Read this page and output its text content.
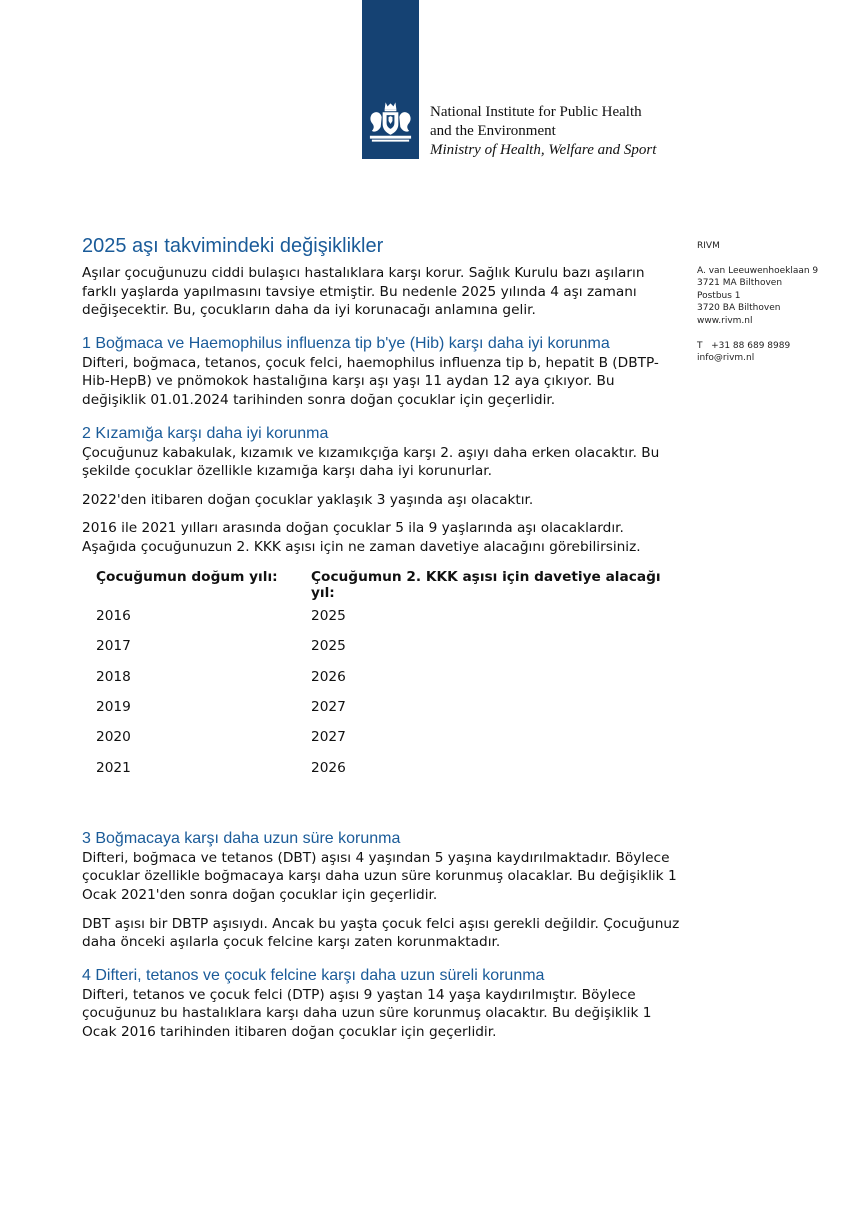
National Institute for Public Health
and the Environment
Ministry of Health, Welfare and Sport
RIVM
A. van Leeuwenhoeklaan 9
3721 MA Bilthoven
Postbus 1
3720 BA Bilthoven
www.rivm.nl
T   +31 88 689 8989
info@rivm.nl
2025 aşı takvimindeki değişiklikler

Aşılar çocuğunuzu ciddi bulaşıcı hastalıklara karşı korur. Sağlık Kurulu bazı aşıların farklı yaşlarda yapılmasını tavsiye etmiştir. Bu nedenle 2025 yılında 4 aşı zamanı değişecektir. Bu, çocukların daha da iyi korunacağı anlamına gelir.

1 Boğmaca ve Haemophilus influenza tip b'ye (Hib) karşı daha iyi korunma

Difteri, boğmaca, tetanos, çocuk felci, haemophilus influenza tip b, hepatit B (DBTP-Hib-HepB) ve pnömokok hastalığına karşı aşı yaşı 11 aydan 12 aya çıkıyor. Bu değişiklik 01.01.2024 tarihinden sonra doğan çocuklar için geçerlidir.

2 Kızamığa karşı daha iyi korunma

Çocuğunuz kabakulak, kızamık ve kızamıkçığa karşı 2. aşıyı daha erken olacaktır. Bu şekilde çocuklar özellikle kızamığa karşı daha iyi korunurlar.

2022'den itibaren doğan çocuklar yaklaşık 3 yaşında aşı olacaktır.

2016 ile 2021 yılları arasında doğan çocuklar 5 ila 9 yaşlarında aşı olacaklardır. Aşağıda çocuğunuzun 2. KKK aşısı için ne zaman davetiye alacağını görebilirsiniz.

Çocuğumun doğum yılı:	Çocuğumun 2. KKK aşısı için davetiye alacağı yıl:
2016	2025
2017	2025
2018	2026
2019	2027
2020	2027
2021	2026
3 Boğmacaya karşı daha uzun süre korunma

Difteri, boğmaca ve tetanos (DBT) aşısı 4 yaşından 5 yaşına kaydırılmaktadır. Böylece çocuklar özellikle boğmacaya karşı daha uzun süre korunmuş olacaklar. Bu değişiklik 1 Ocak 2021'den sonra doğan çocuklar için geçerlidir.

DBT aşısı bir DBTP aşısıydı. Ancak bu yaşta çocuk felci aşısı gerekli değildir. Çocuğunuz daha önceki aşılarla çocuk felcine karşı zaten korunmaktadır.

4 Difteri, tetanos ve çocuk felcine karşı daha uzun süreli korunma

Difteri, tetanos ve çocuk felci (DTP) aşısı 9 yaştan 14 yaşa kaydırılmıştır. Böylece çocuğunuz bu hastalıklara karşı daha uzun süre korunmuş olacaktır. Bu değişiklik 1 Ocak 2016 tarihinden itibaren doğan çocuklar için geçerlidir.
